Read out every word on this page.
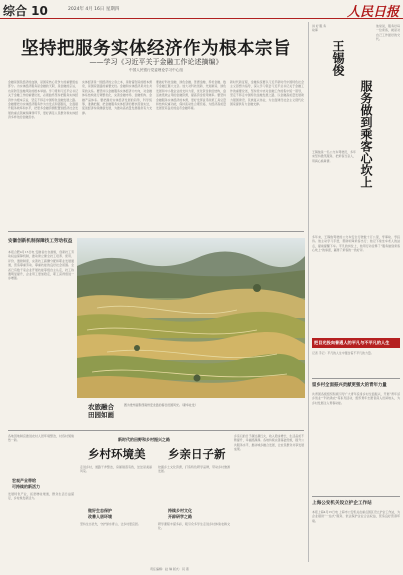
综合 10	2024年 4月 16日 星期四	人民日报
坚持把服务实体经济作为根本宗旨
——学习《习近平关于金融工作论述摘编》
中国人民银行党委理论学习中心组
金融是国民经济的血脉，是国家核心竞争力的重要组成部分。为实体经济服务是金融的天职，是金融的宗旨，也是防范金融风险的根本举措。学习贯彻习近平总书记关于金融工作的重要论述，必须始终坚持把服务实体经济作为根本宗旨，坚定不移走中国特色金融发展之路。金融要把为实体经济服务作为出发点和落脚点，全面提升服务效率和水平，把更多金融资源配置到经济社会发展的重点领域和薄弱环节，更好满足人民群众和实体经济多样化的金融需求。
实体经济是一国经济的立身之本，是财富创造的根本源泉，是国家强盛的重要支柱。金融和实体经济是共生共荣的关系。要坚持以金融服务实体经济为方向，对金融体系结构进行调整优化，完善金融市场、金融机构、金融产品体系。要把握好实体经济发展的趋势，科学统筹，准确把握，把金融服务实体经济的要求落到实处，促进经济持续健康发展，为推动高质量发展提供有力支撑。
要做好科技金融、绿色金融、普惠金融、养老金融、数字金融五篇大文章。加大对科技创新、先进制造、绿色发展和中小微企业的支持力度，优化资金供给结构，盘活被低效占用的金融资源，提高资金使用效率。要坚持金融服务实体经济的本源，更好发挥货币政策工具总量和结构双重功能，保持流动性合理充裕，为经济高质量发展营造良好的货币金融环境。
新时代新征程，金融系统要以习近平新时代中国特色社会主义思想为指导，深入学习领会习近平总书记关于金融工作的重要论述，坚持党中央对金融工作的集中统一领导，坚定不移走中国特色金融发展之路，以金融高质量发展助力强国建设、民族复兴伟业，为全面建设社会主义现代化国家提供有力金融支撑。
安徽创新机制保障技工劳动权益
本报合肥4月15日电 安徽省出台措施，创新技工劳动权益保障机制，推动建立健全技工培养、使用、评价、激励制度，完善技工薪酬分配和职业发展通道，营造尊重劳动、尊重技能的良好社会氛围。全省已有数千家企业开展技能等级自主认定，技工待遇明显提升，企业用工更加稳定，职工获得感进一步增强。
农旅融合
田园如画
图为贵州省黔西南州安龙县的春日田园风光。（新华社发）
讲好服务故事
王锡俊
服务做到乘客心坎上
王锡俊是一名公交车驾驶员，多年来坚持微笑服务，把乘客当亲人，用真心换真情。
他常说，服务好每一位乘客，就是对自己工作最好的交代。
多年来，王锡俊驾驶的公交车安全行驶数十万公里，零事故、零投诉。他主动学习手语，帮助听障乘客出行；他记下常坐车老人的站点，提前提醒下车。平凡的岗位上，他用行动诠释了“服务做到乘客心坎上”的承诺，赢得了乘客的一致好评。
把目光投向普通人的平凡与不平凡的人生
记者 手记：平凡的人生中蕴含着不平凡的力量。
留乡村全面振兴贡献更强大的青年力量
共青团各级组织积极引导广大青年投身乡村全面振兴，开展“青年返乡创业”“科技助农”等系列活动，组织青年志愿者深入田间地头，为乡村发展注入青春动能。
上海公安机关设立护企工作站
本报上海4月15日电 上海市公安机关在重点园区设立护企工作站，为企业提供“一站式”服务，依法保护企业合法权益，营造良好营商环境。
各地因地制宜推进农村人居环境整治，村容村貌焕然一新。
宏观产业带给
可持续的新活力
发展特色产业，拓宽增收渠道，群众生活日益富足，乡村焕发新活力。
新时代的田野和乡村振兴之路
乡村环境美 乡亲日子新
走进乡村，道路干净整洁，房屋错落有致，处处是美丽风景。
做好生态保护
改善人居环境
坚持生态优先，守护绿水青山，让乡村更宜居。
挖掘乡土文化资源，打造特色研学品牌，带动乡村旅游发展。
持续乡村文化
开辟研学之路
研学课程丰富多彩，吸引众多学生走进乡村体验农耕文化。
乡亲们的日子越过越红火，收入稳步增长，生活品质不断提升，幸福感满满。各地持续完善基础设施，提升公共服务水平，推动城乡融合发展，让农民群众共享发展成果。
责任编辑：赵 琳 版式：闫 燕
